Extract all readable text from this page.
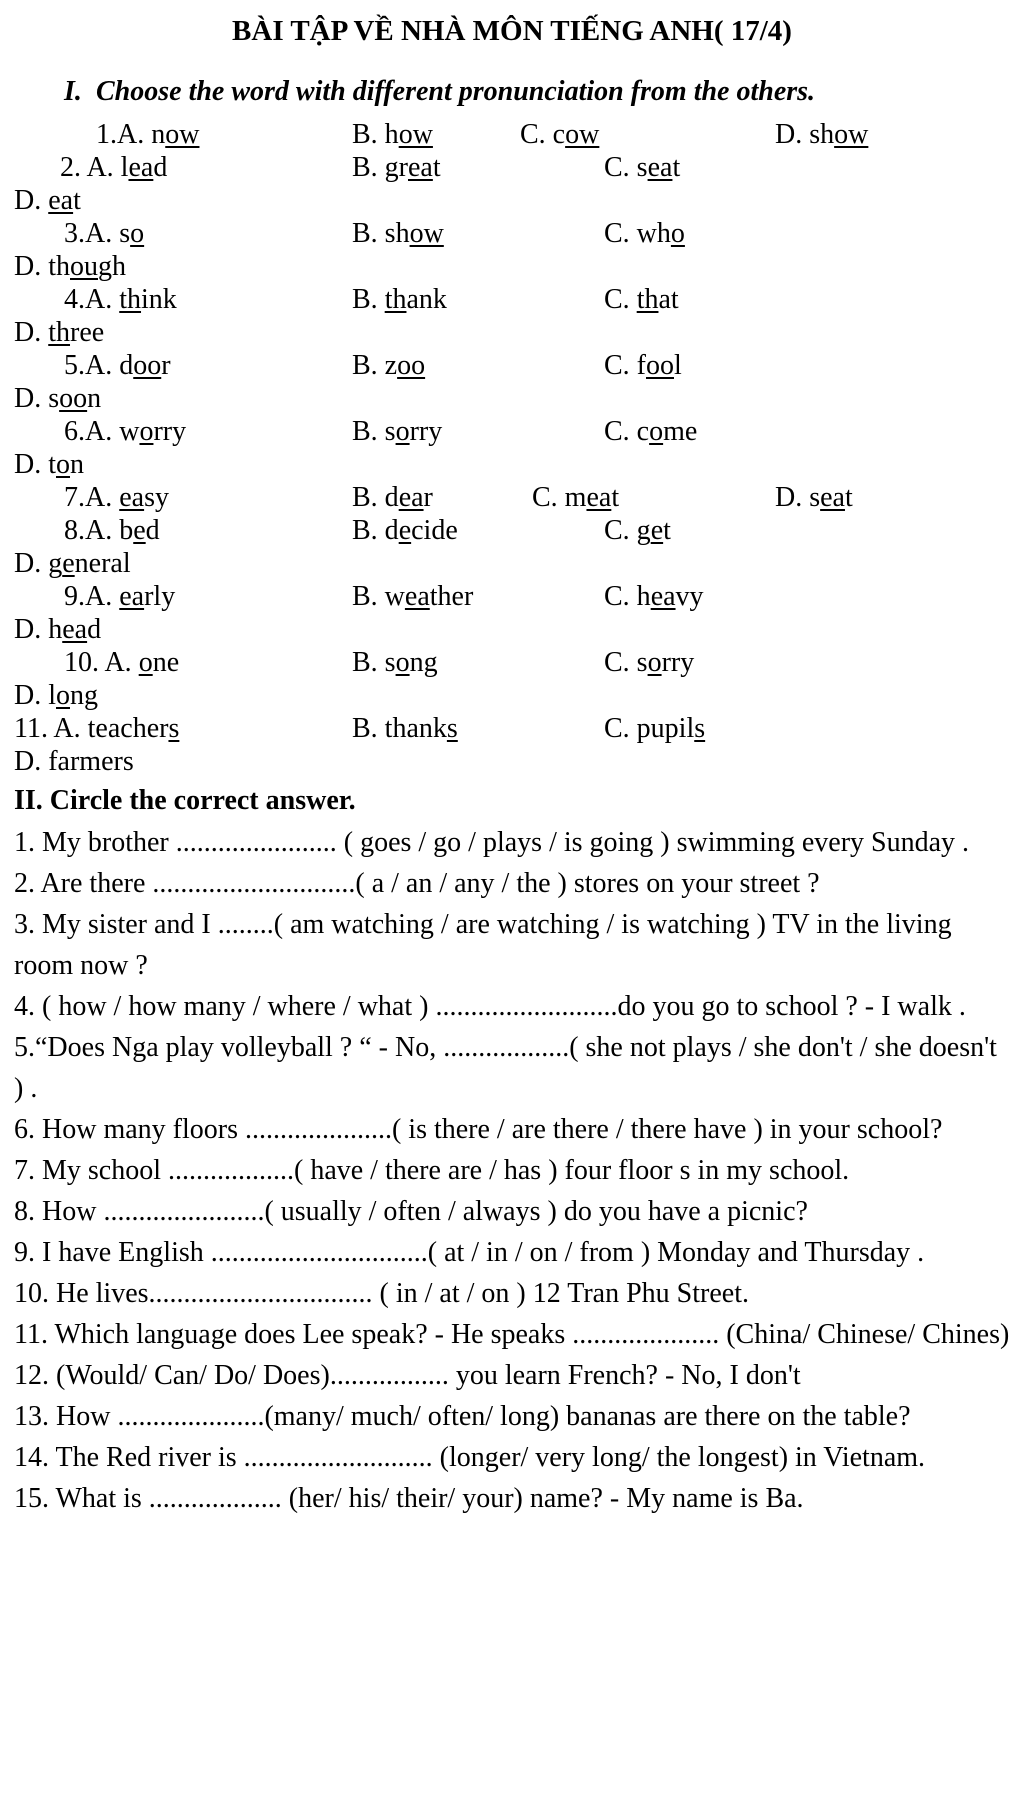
BÀI TẬP VỀ NHÀ MÔN TIẾNG ANH( 17/4)
I. Choose the word with different pronunciation from the others.
1.A. now	B. how	C. cow	D. show
2. A. lead	B. great	C. seat
D. eat
3.A. so	B. show	C. who
D. though
4.A. think	B. thank	C. that
D. three
5.A. door	B. zoo	C. fool
D. soon
6.A. worry	B. sorry	C. come
D. ton
7.A. easy	B. dear	C. meat	D. seat
8.A. bed	B. decide	C. get
D. general
9.A. early	B. weather	C. heavy
D. head
10. A. one	B. song	C. sorry
D. long
11. A. teachers	B. thanks	C. pupils
D. farmers
II. Circle the correct answer.
1. My brother ....................... ( goes / go / plays / is going ) swimming every Sunday .
2. Are there .............................( a / an / any / the ) stores on your street ?
3. My sister and I ........( am watching / are watching / is watching ) TV in the living room now ?
4. ( how / how many / where / what ) ..........................do you go to school ? - I walk .
5.“Does Nga play volleyball ? “ - No, ..................( she not plays / she don't / she doesn't ) .
6. How many floors .....................( is there / are there / there have ) in your school?
7. My school ..................( have / there are / has ) four floor s in my school.
8. How .......................( usually / often / always ) do you have a picnic?
9. I have English ...............................( at / in / on / from ) Monday and Thursday .
10. He lives................................ ( in / at / on ) 12 Tran Phu Street.
11. Which language does Lee speak? - He speaks ..................... (China/ Chinese/ Chines)
12. (Would/ Can/ Do/ Does)................. you learn French? - No, I don't
13. How .....................(many/ much/ often/ long) bananas are there on the table?
14. The Red river is ........................... (longer/ very long/ the longest) in Vietnam.
15. What is ................... (her/ his/ their/ your) name? - My name is Ba.
